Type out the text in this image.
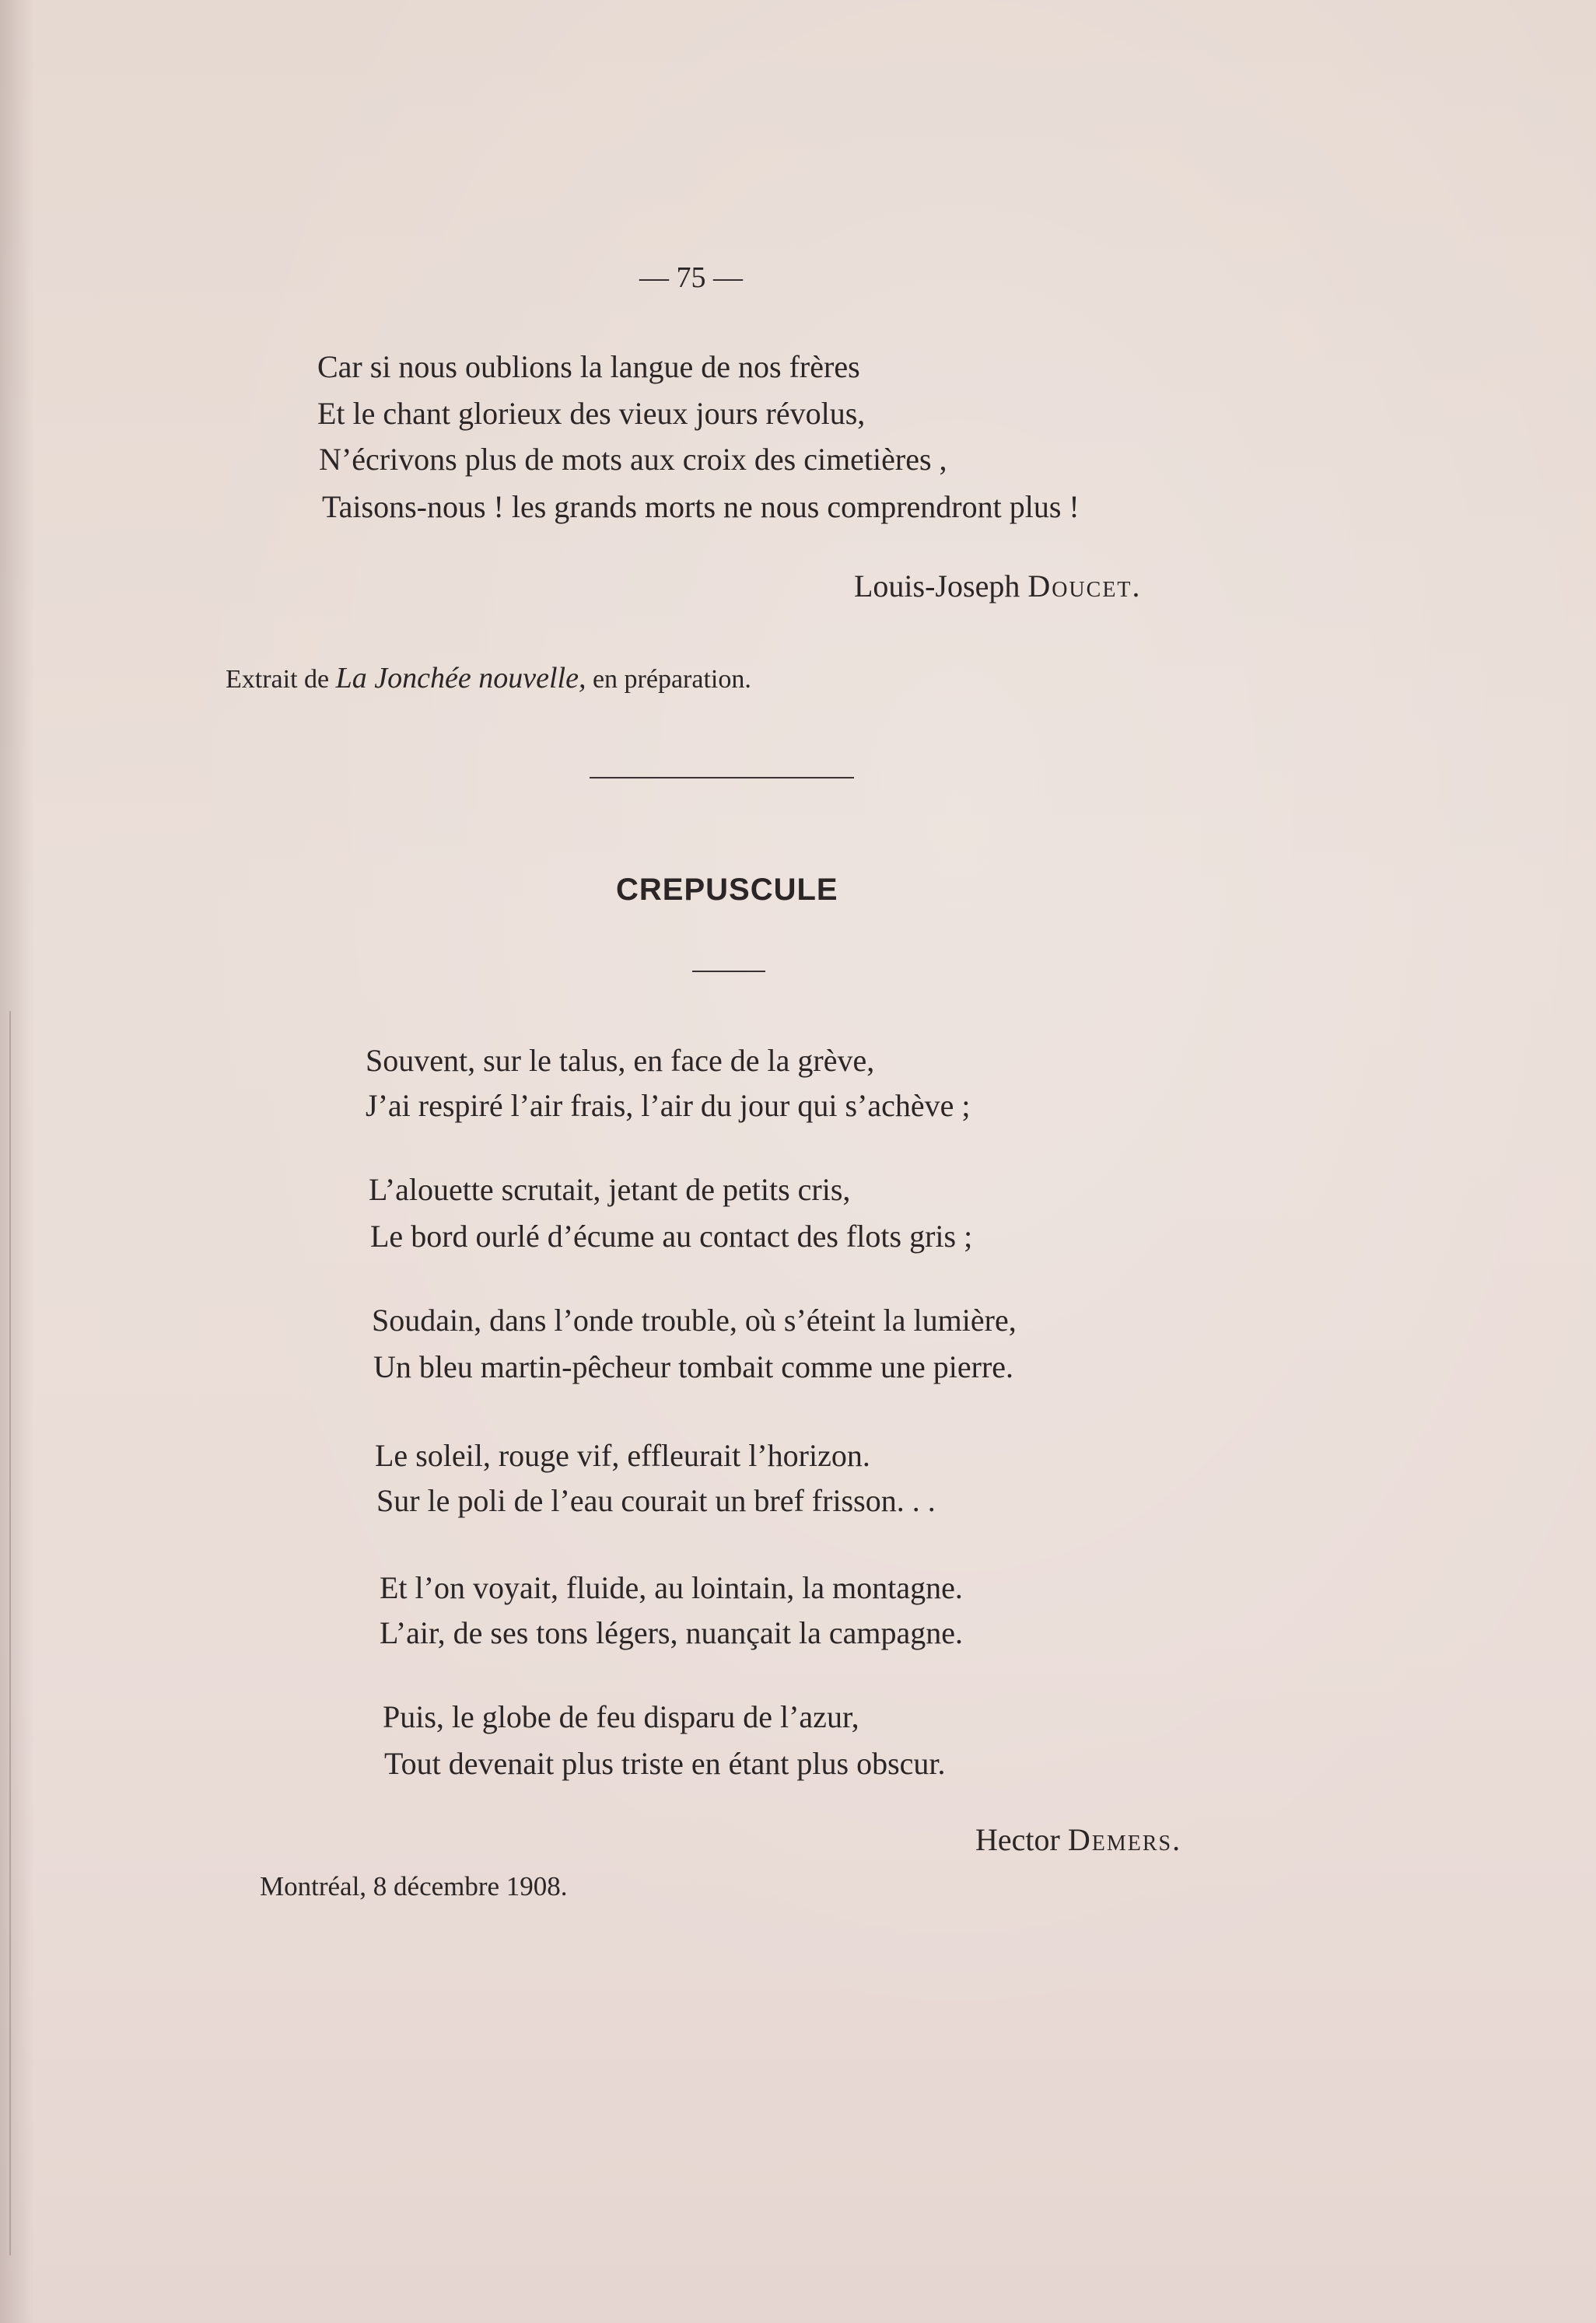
— 75 —
Car si nous oublions la langue de nos frères
Et le chant glorieux des vieux jours révolus,
N’écrivons plus de mots aux croix des cimetières ,
Taisons-nous ! les grands morts ne nous comprendront plus !
Louis-Joseph Doucet.
Extrait de La Jonchée nouvelle, en préparation.
CREPUSCULE
Souvent, sur le talus, en face de la grève,
J’ai respiré l’air frais, l’air du jour qui s’achève ;
L’alouette scrutait, jetant de petits cris,
Le bord ourlé d’écume au contact des flots gris ;
Soudain, dans l’onde trouble, où s’éteint la lumière,
Un bleu martin-pêcheur tombait comme une pierre.
Le soleil, rouge vif, effleurait l’horizon.
Sur le poli de l’eau courait un bref frisson. . .
Et l’on voyait, fluide, au lointain, la montagne.
L’air, de ses tons légers, nuançait la campagne.
Puis, le globe de feu disparu de l’azur,
Tout devenait plus triste en étant plus obscur.
Hector Demers.
Montréal, 8 décembre 1908.
